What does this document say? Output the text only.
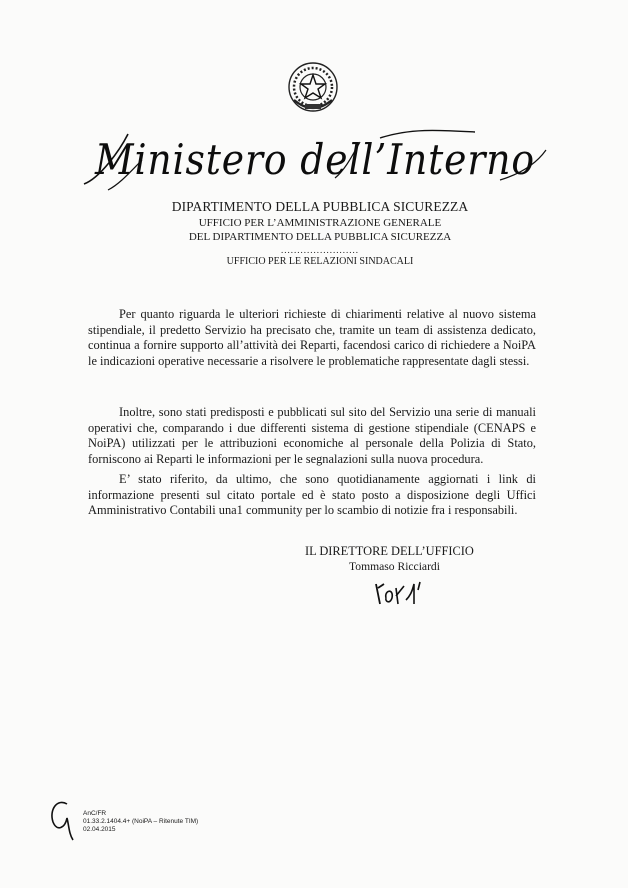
Ministero dell’Interno
DIPARTIMENTO DELLA PUBBLICA SICUREZZA
UFFICIO PER L’AMMINISTRAZIONE GENERALE
DEL DIPARTIMENTO DELLA PUBBLICA SICUREZZA
........................
UFFICIO PER LE RELAZIONI SINDACALI
Per quanto riguarda le ulteriori richieste di chiarimenti relative al nuovo sistema stipendiale, il predetto Servizio ha precisato che, tramite un team di assistenza dedicato, continua a fornire supporto all’attività dei Reparti, facendosi carico di richiedere a NoiPA le indicazioni operative necessarie a risolvere le problematiche rappresentate dagli stessi.
Inoltre, sono stati predisposti e pubblicati sul sito del Servizio una serie di manuali operativi che, comparando i due differenti sistema di gestione stipendiale (CENAPS e NoiPA) utilizzati per le attribuzioni economiche al personale della Polizia di Stato, forniscono ai Reparti le informazioni per le segnalazioni sulla nuova procedura.
E’ stato riferito, da ultimo, che sono quotidianamente aggiornati i link di informazione presenti sul citato portale ed è stato posto a disposizione degli Uffici Amministrativo Contabili una1 community per lo scambio di notizie fra i responsabili.
IL DIRETTORE DELL’UFFICIO
Tommaso Ricciardi
AnC/FR
01.33.2.1404.4+ (NoiPA – Ritenute TIM)
02.04.2015
